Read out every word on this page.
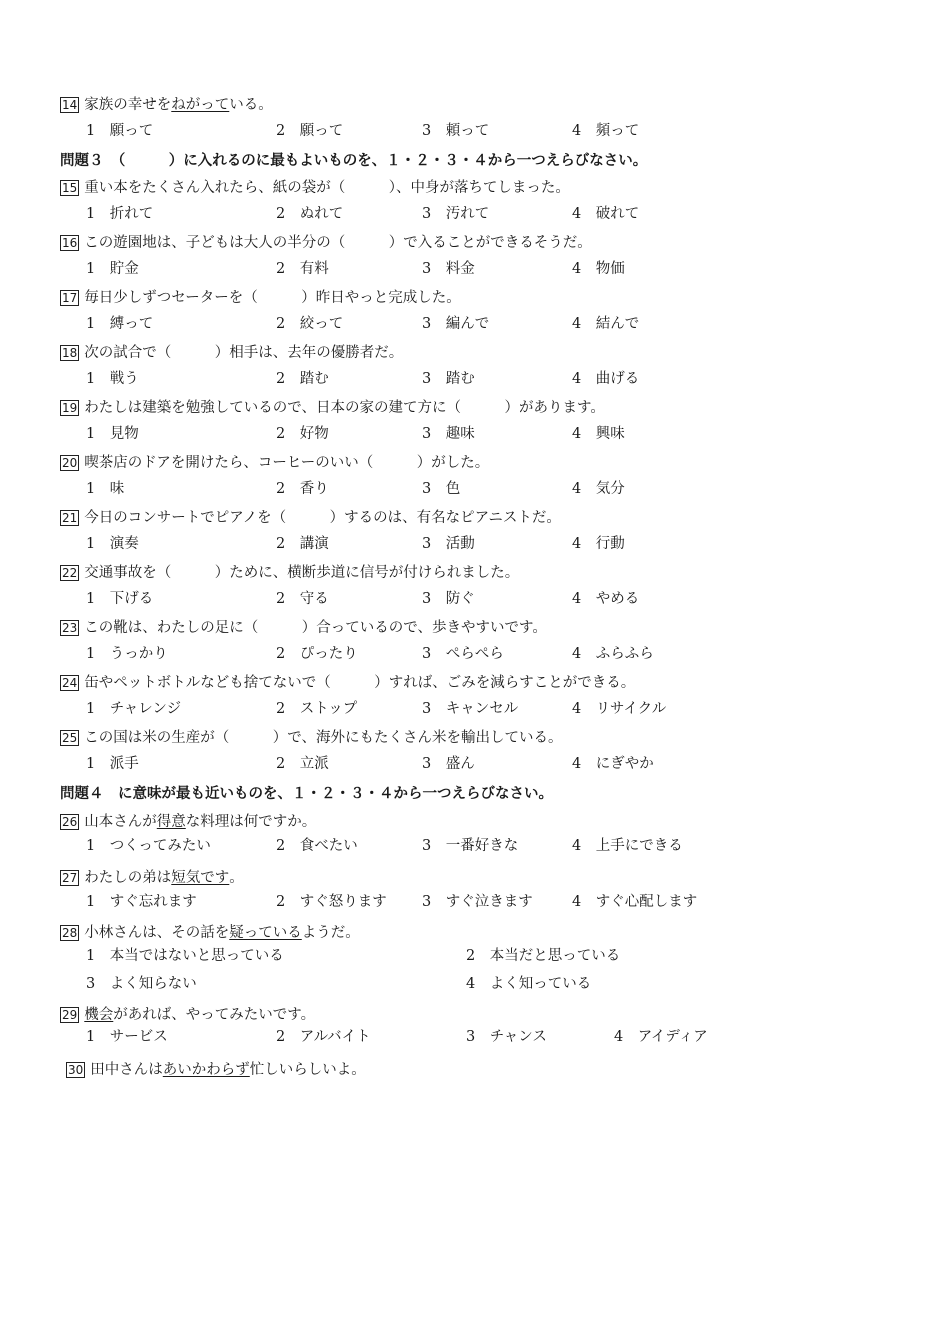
14 家族の幸せを ねがって いる。
1　願って	2　願って	3　頼って	4　頻って
問題３　（　　　）に入れるのに最もよいものを、１・２・３・４から一つえらびなさい。
15 重い本をたくさん入れたら、紙の袋が（　　　）、中身が落ちてしまった。
1　折れて	2　ぬれて	3　汚れて	4　破れて
16 この遊園地は、子どもは大人の半分の（　　　）で入ることができるそうだ。
1　貯金	2　有料	3　料金	4　物価
17 毎日少しずつセーターを（　　　）昨日やっと完成した。
1　縛って	2　絞って	3　編んで	4　結んで
18 次の試合で（　　　）相手は、去年の優勝者だ。
1　戦う	2　踏む	3　踏む	4　曲げる
19 わたしは建築を勉強しているので、日本の家の建て方に（　　　）があります。
1　見物	2　好物	3　趣味	4　興味
20 喫茶店のドアを開けたら、コーヒーのいい（　　　）がした。
1　味	2　香り	3　色	4　気分
21 今日のコンサートでピアノを（　　　）するのは、有名なピアニストだ。
1　演奏	2　講演	3　活動	4　行動
22 交通事故を（　　　）ために、横断歩道に信号が付けられました。
1　下げる	2　守る	3　防ぐ	4　やめる
23 この靴は、わたしの足に（　　　）合っているので、歩きやすいです。
1　うっかり	2　ぴったり	3　ぺらぺら	4　ふらふら
24 缶やペットボトルなども捨てないで（　　　）すれば、ごみを減らすことができる。
1　チャレンジ	2　ストップ	3　キャンセル	4　リサイクル
25 この国は米の生産が（　　　）で、海外にもたくさん米を輸出している。
1　派手	2　立派	3　盛ん	4　にぎやか
問題４　に意味が最も近いものを、１・２・３・４から一つえらびなさい。
26 山本さんが 得意 な料理は何ですか。
1　つくってみたい	2　食べたい	3　一番好きな	4　上手にできる
27 わたしの弟は 短気です 。
1　すぐ忘れます	2　すぐ怒ります 3　すぐ泣きます	4　すぐ心配します
28 小林さんは、その話を 疑っている ようだ。
1　本当ではないと思っている	2　本当だと思っている
3　よく知らない	4　よく知っている
29 機会 があれば、やってみたいです。
1　サービス	2　アルバイト	3　チャンス	4　アイディア
30 田中さんは あいかわらず 忙しいらしいよ。
